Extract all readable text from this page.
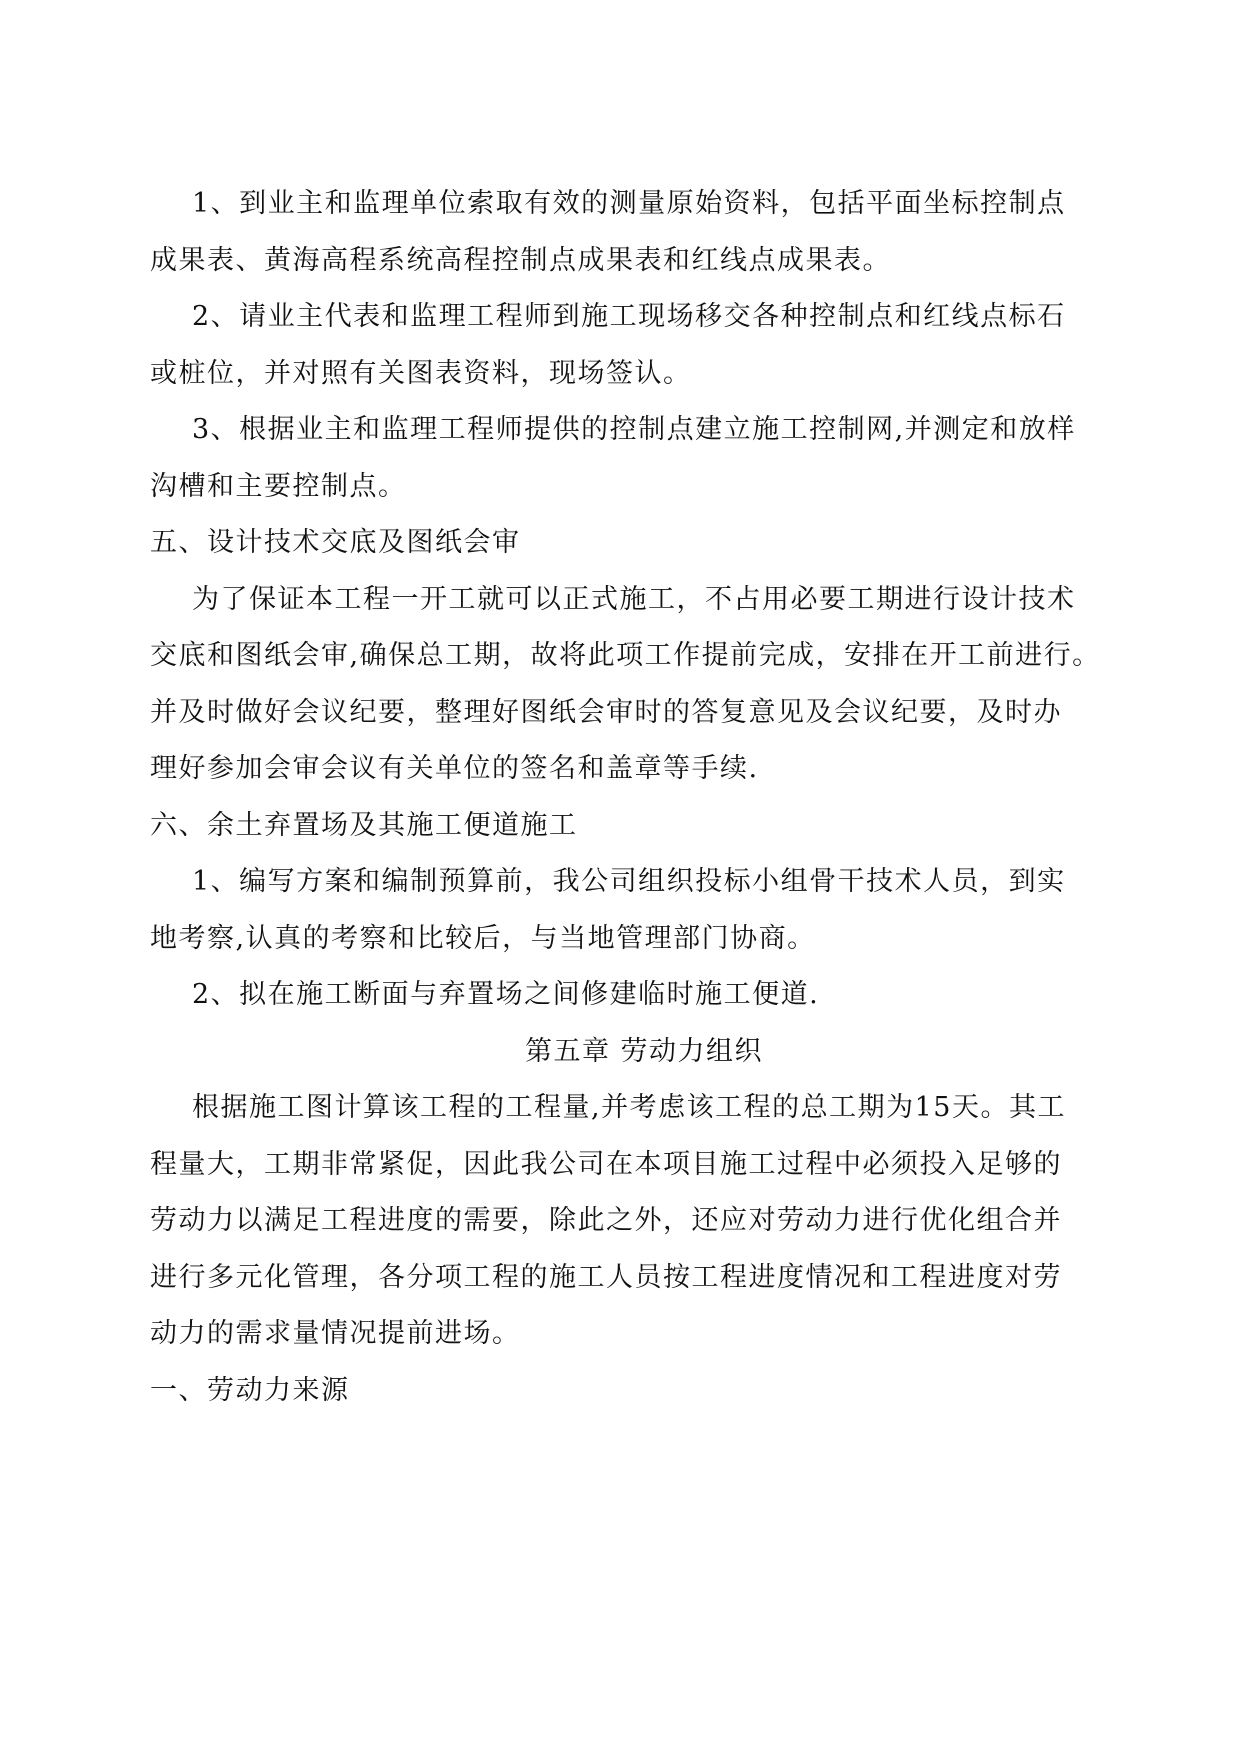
1、到业主和监理单位索取有效的测量原始资料，包括平面坐标控制点
成果表、黄海高程系统高程控制点成果表和红线点成果表。
2、请业主代表和监理工程师到施工现场移交各种控制点和红线点标石
或桩位，并对照有关图表资料，现场签认。
3、根据业主和监理工程师提供的控制点建立施工控制网,并测定和放样
沟槽和主要控制点。
五、设计技术交底及图纸会审
为了保证本工程一开工就可以正式施工，不占用必要工期进行设计技术
交底和图纸会审,确保总工期，故将此项工作提前完成，安排在开工前进行。
并及时做好会议纪要，整理好图纸会审时的答复意见及会议纪要，及时办
理好参加会审会议有关单位的签名和盖章等手续.
六、余土弃置场及其施工便道施工
1、编写方案和编制预算前，我公司组织投标小组骨干技术人员，到实
地考察,认真的考察和比较后，与当地管理部门协商。
2、拟在施工断面与弃置场之间修建临时施工便道.
第五章 劳动力组织
根据施工图计算该工程的工程量,并考虑该工程的总工期为15天。其工
程量大，工期非常紧促，因此我公司在本项目施工过程中必须投入足够的
劳动力以满足工程进度的需要，除此之外，还应对劳动力进行优化组合并
进行多元化管理，各分项工程的施工人员按工程进度情况和工程进度对劳
动力的需求量情况提前进场。
一、劳动力来源
